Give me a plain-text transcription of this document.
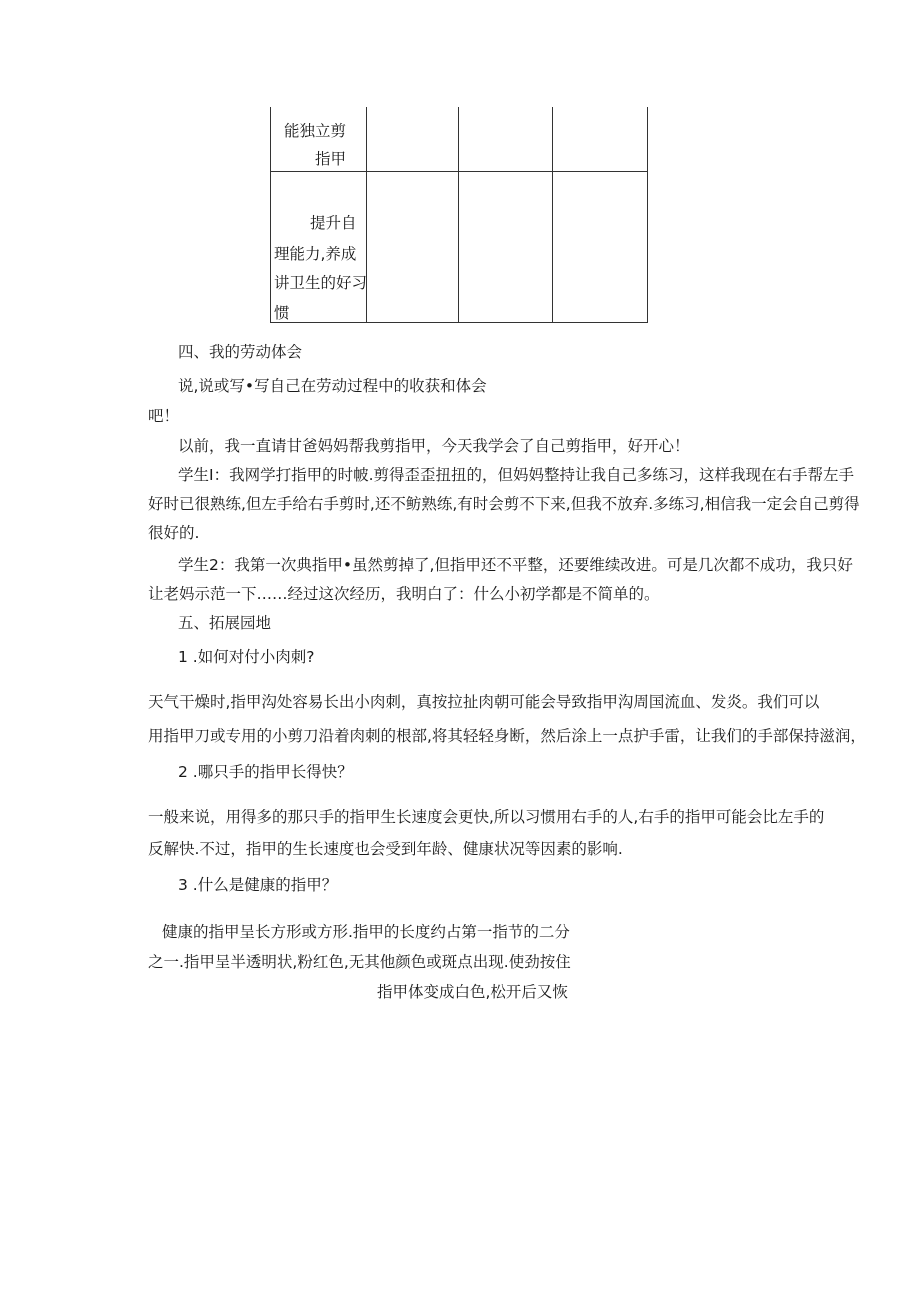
能独立剪
指甲
提升自
理能力,养成
讲卫生的好习
惯
四、我的劳动体会
说,说或写•写自己在劳动过程中的收获和体会
吧！
以前，我一直请甘爸妈妈帮我剪指甲，今天我学会了自己剪指甲，好开心！
学生I：我网学打指甲的时帔.剪得歪歪扭扭的，但妈妈整持让我自己多练习，这样我现在右手帮左手
好时已很熟练,但左手给右手剪时,还不鲂熟练,有时会剪不下来,但我不放弃.多练习,相信我一定会自己剪得
很好的.
学生2：我第一次典指甲•虽然剪掉了,但指甲还不平整，还要维续改进。可是几次都不成功，我只好
让老妈示范一下……经过这次经历，我明白了：什么小初学都是不简单的。
五、拓展园地
1 .如何对付小肉刺?
天气干燥时,指甲沟处容易长出小肉刺，真按拉扯肉朝可能会导致指甲沟周国流血、发炎。我们可以
用指甲刀或专用的小剪刀沿着肉刺的根部,将其轻轻身断，然后涂上一点护手雷，让我们的手部保持滋润，
2 .哪只手的指甲长得快？
一般来说，用得多的那只手的指甲生长速度会更快,所以习惯用右手的人,右手的指甲可能会比左手的
反解快.不过，指甲的生长速度也会受到年龄、健康状况等因素的影响.
3 .什么是健康的指甲？
健康的指甲呈长方形或方形.指甲的长度约占第一指节的二分
之一.指甲呈半透明状,粉红色,无其他颜色或斑点出现.使劲按住
指甲体变成白色,松开后又恢
